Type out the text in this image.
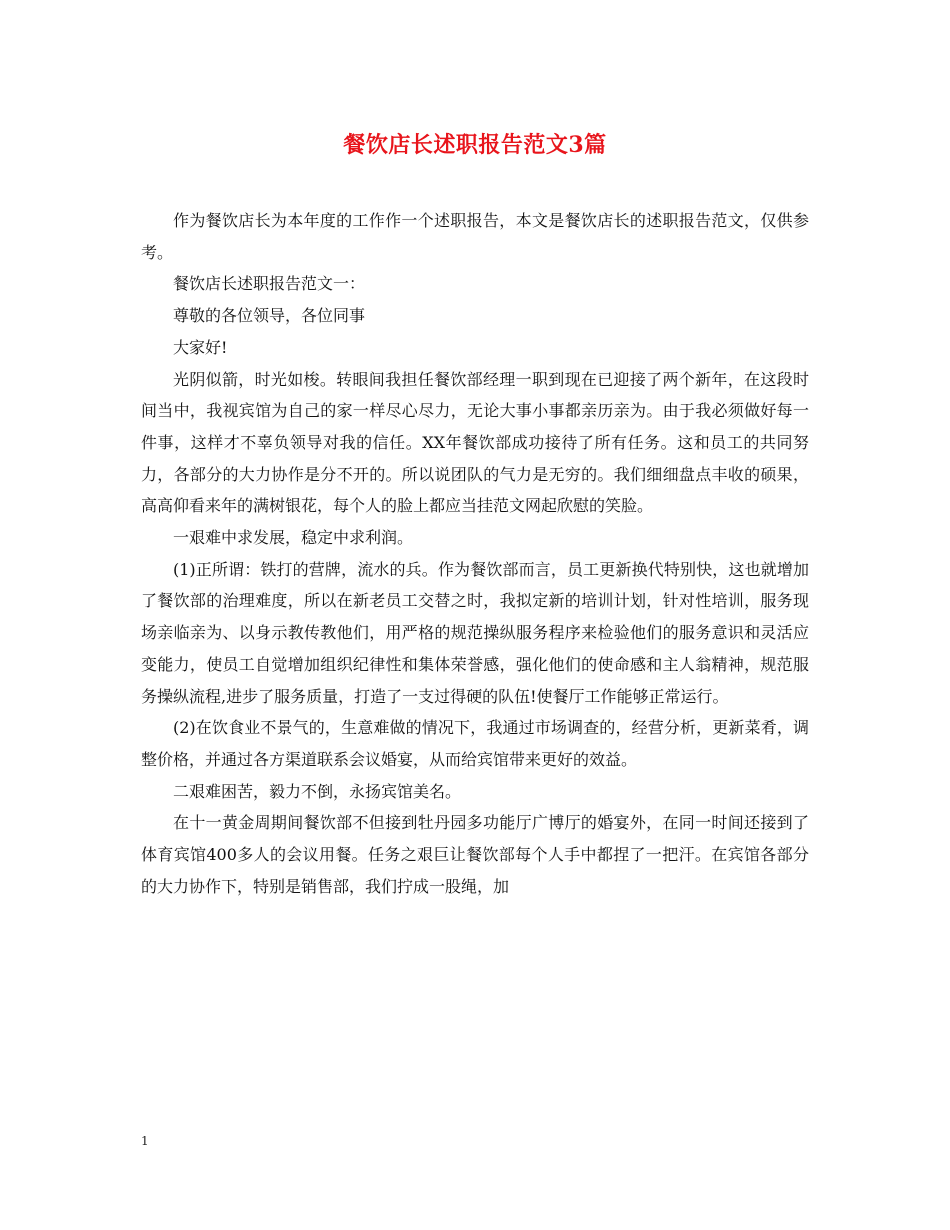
餐饮店长述职报告范文3篇

作为餐饮店长为本年度的工作作一个述职报告，本文是餐饮店长的述职报告范文，仅供参考。

餐饮店长述职报告范文一：

尊敬的各位领导，各位同事

大家好!

光阴似箭，时光如梭。转眼间我担任餐饮部经理一职到现在已迎接了两个新年，在这段时间当中，我视宾馆为自己的家一样尽心尽力，无论大事小事都亲历亲为。由于我必须做好每一件事，这样才不辜负领导对我的信任。XX年餐饮部成功接待了所有任务。这和员工的共同努力，各部分的大力协作是分不开的。所以说团队的气力是无穷的。我们细细盘点丰收的硕果，高高仰看来年的满树银花，每个人的脸上都应当挂范文网起欣慰的笑脸。

一艰难中求发展，稳定中求利润。

(1)正所谓：铁打的营牌，流水的兵。作为餐饮部而言，员工更新换代特别快，这也就增加了餐饮部的治理难度，所以在新老员工交替之时，我拟定新的培训计划，针对性培训，服务现场亲临亲为、以身示教传教他们，用严格的规范操纵服务程序来检验他们的服务意识和灵活应变能力，使员工自觉增加组织纪律性和集体荣誉感，强化他们的使命感和主人翁精神，规范服务操纵流程,进步了服务质量，打造了一支过得硬的队伍!使餐厅工作能够正常运行。

(2)在饮食业不景气的，生意难做的情况下，我通过市场调查的，经营分析，更新菜肴，调整价格，并通过各方渠道联系会议婚宴，从而给宾馆带来更好的效益。

二艰难困苦，毅力不倒，永扬宾馆美名。

在十一黄金周期间餐饮部不但接到牡丹园多功能厅广博厅的婚宴外，在同一时间还接到了体育宾馆400多人的会议用餐。任务之艰巨让餐饮部每个人手中都捏了一把汗。在宾馆各部分的大力协作下，特别是销售部，我们拧成一股绳，加

1
